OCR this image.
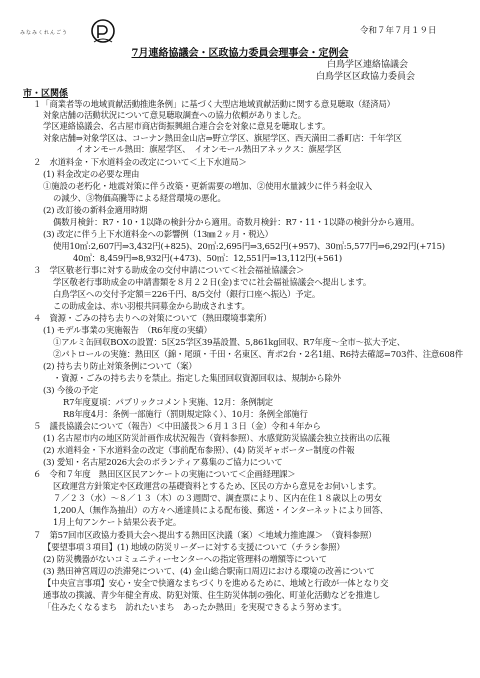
みなみくれんごう	令和７年７月１９日
7月連絡協議会・区政協力委員会理事会・定例会
白鳥学区連絡協議会
白鳥学区区政協力委員会
市・区関係
１「商業者等の地域貢献活動推進条例」に基づく大型店地域貢献活動に関する意見聴取（経済局）
対象店舗の活動状況について意見聴取調査への協力依頼がありました。
学区連絡協議会、名古屋市商店街振興組合連合会を対象に意見を聴取します。
対象店舗⇒対象学区は、コーナン熱田金山店⇒野立学区、旗屋学区、西天満田二番町店：千年学区
イオンモール熱田：旗屋学区、　イオンモール熱田アネックス：旗屋学区
２　水道料金・下水道料金の改定について＜上下水道局＞
(1) 料金改定の必要な理由
①施設の老朽化・地震対策に伴う改築・更新需要の増加、②使用水量減少に伴う料金収入
の減少、③物価高騰等による経営環境の悪化。
(2) 改訂後の新料金適用時期
偶数月検針：R7・10・1以降の検針分から適用。奇数月検針：R7・11・1以降の検針分から適用。
(3) 改定に伴う上下水道料金への影響例（13㎜２ヶ月・税込）
使用10㎥:2,607円⇒3,432円(+825)、20㎥:2,695円⇒3,652円(+957)、30㎥:5,577円⇒6,292円(+715)
40㎥：8,459円⇒8,932円(+473)、50㎥：12,551円⇒13,112円(+561)
３　学区敬老行事に対する助成金の交付申請について＜社会福祉協議会＞
学区敬老行事助成金の申請書類を８月２２日(金)までに社会福祉協議会へ提出します。
白鳥学区への交付予定額＝226千円、8/5交付（銀行口座へ振込）予定。
この助成金は、赤い羽根共同募金から助成されます。
４　資源・ごみの持ち去りへの対策について（熱田環境事業所）
(1) モデル事業の実施報告　（R6年度の実績）
①アルミ缶回収BOXの設置：5区25学区39基設置、5,861kg回収、R7年度～全市～拡大予定、
②パトロールの実施：熱田区（錦・尾頭・千田・名東区、育ポ2台・2名1組、R6持去確認=703件、注意608件
(2) 持ち去り防止対策条例について（案）
・資源・ごみの持ち去りを禁止。指定した集団回収資源回収は、規制から除外
(3) 今後の予定
R7年度夏頃：パブリックコメント実施、12月：条例制定
R8年度4月：条例一部施行（罰則規定除く）、10月：条例全部施行
５　議長協議会について（報告）＜中田議長＞６月１３日（金）令和４年から
(1) 名古屋市内の地区防災計画作成状況報告（資料参照）、水感覚防災協議会独立技術出の広報
(2) 水道料金・下水道料金の改定（事前配布参照）、(4) 防災ギャボーター制度の件報
(3) 愛知・名古屋2026大会のボランティア募集のご協力について
６　令和７年度　熱田区区民アンケートの実施について＜企画経理課＞
区政運営方針策定や区政運営の基礎資料とするため、区民の方から意見をお伺いします。
７／２３（水）～８／１３（木）の３週間で、調査票により、区内在住１８歳以上の男女
1,200人（無作為抽出）の方々へ通達員による配布後、郵送・インターネットにより回答、
1月上旬アンケート結果公表予定。
７　第57回市区政協力委員大会へ提出する熱田区決議（案）＜地域力推進課＞　（資料参照）
【要望事項３項目】(1) 地域の防災リーダーに対する支援について（チラシ参照）
(2) 防災機器がないコミュニティーセンターへの指定管理料の増額等について
(3) 熱田神宮周辺の渋滞発について、(4) 金山総合駅南口周辺における環境の改善について
【中央宣言事項】安心・安全で快適なまちづくりを進めるために、地域と行政が一体となり交
通事故の撲滅、青少年健全育成、防犯対策、住生防災体制の強化、町並化活動などを推進し
「住みたくなるまち　訪れたいまち　あったか熱田」を実現できるよう努めます。
